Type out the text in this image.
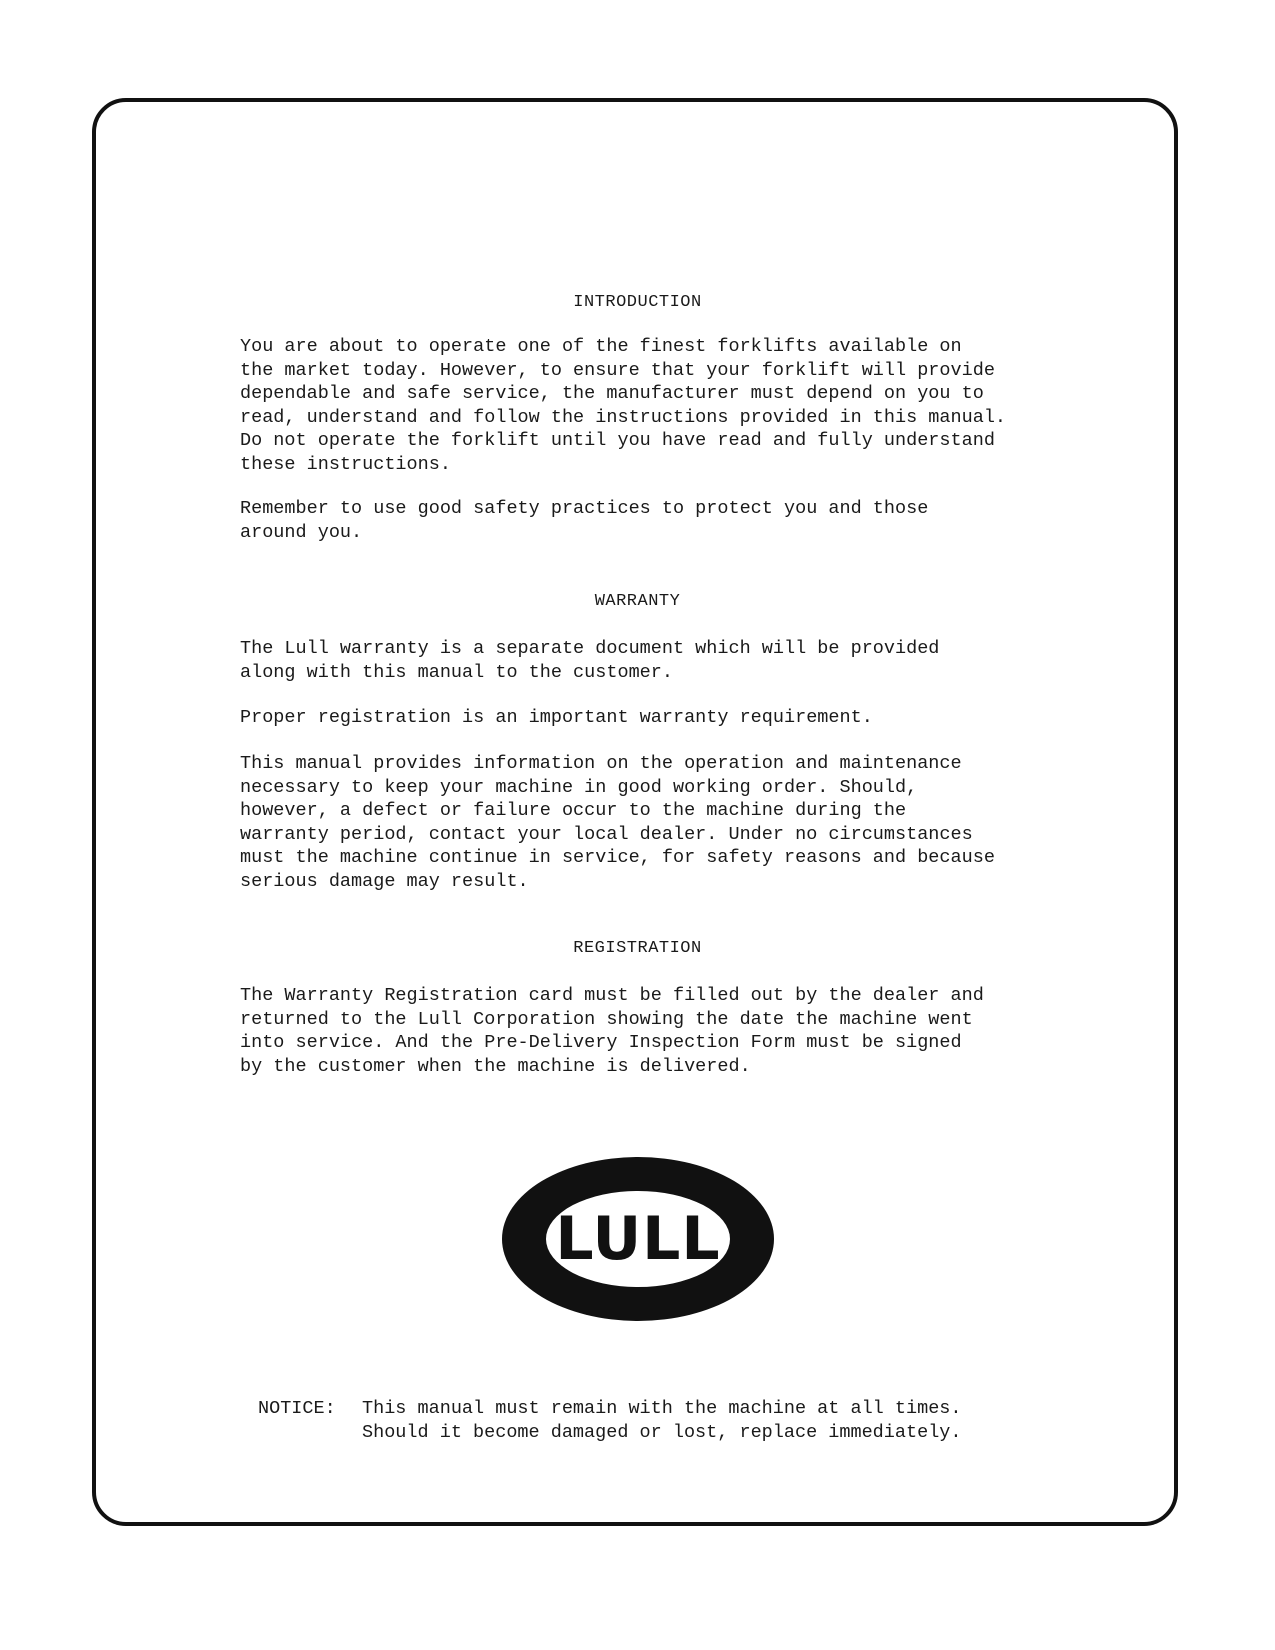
INTRODUCTION
You are about to operate one of the finest forklifts available on
the market today. However, to ensure that your forklift will provide
dependable and safe service, the manufacturer must depend on you to
read, understand and follow the instructions provided in this manual.
Do not operate the forklift until you have read and fully understand
these instructions.
Remember to use good safety practices to protect you and those
around you.
WARRANTY
The Lull warranty is a separate document which will be provided
along with this manual to the customer.
Proper registration is an important warranty requirement.
This manual provides information on the operation and maintenance
necessary to keep your machine in good working order. Should,
however, a defect or failure occur to the machine during the
warranty period, contact your local dealer. Under no circumstances
must the machine continue in service, for safety reasons and because
serious damage may result.
REGISTRATION
The Warranty Registration card must be filled out by the dealer and
returned to the Lull Corporation showing the date the machine went
into service. And the Pre-Delivery Inspection Form must be signed
by the customer when the machine is delivered.
LULL
NOTICE: This manual must remain with the machine at all times.
Should it become damaged or lost, replace immediately.
